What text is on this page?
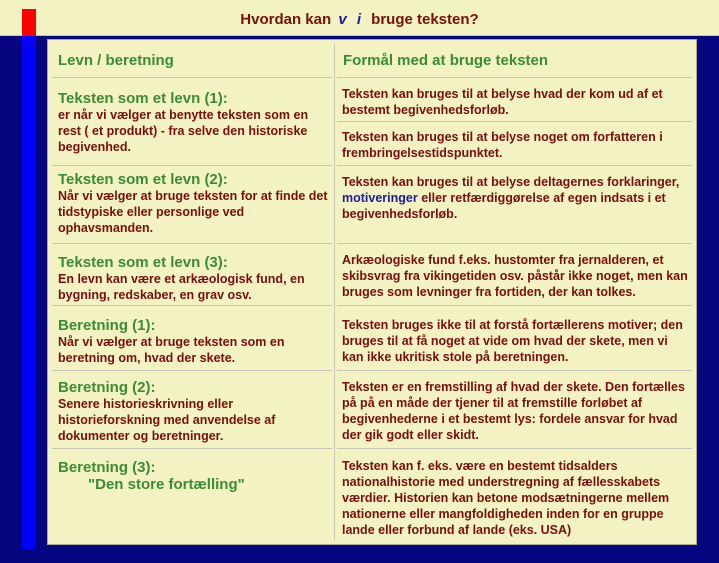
Hvordan kan v i bruge teksten?
Levn / beretning	Formål med at bruge teksten
Teksten som et levn (1):
er når vi vælger at benytte teksten som en rest ( et produkt) - fra selve den historiske begivenhed.
Teksten kan bruges til at belyse hvad der kom ud af et bestemt begivenhedsforløb.
Teksten kan bruges til at belyse noget om forfatteren i frembringelsestidspunktet.
Teksten som et levn (2):
Når vi vælger at bruge teksten for at finde det tidstypiske eller personlige ved ophavsmanden.
Teksten kan bruges til at belyse deltagernes forklaringer, motiveringer eller retfærdiggørelse af egen indsats i et begivenhedsforløb.
Teksten som et levn (3):
En levn kan være et arkæologisk fund, en bygning, redskaber, en grav osv.
Arkæologiske fund f.eks. hustomter fra jernalderen, et skibsvrag fra vikingetiden osv. påstår ikke noget, men kan bruges som levninger fra fortiden, der kan tolkes.
Beretning (1):
Når vi vælger at bruge teksten som en beretning om, hvad der skete.
Teksten bruges ikke til at forstå fortællerens motiver; den bruges til at få noget at vide om hvad der skete, men vi kan ikke ukritisk stole på beretningen.
Beretning (2):
Senere historieskrivning eller historieforskning med anvendelse af dokumenter og beretninger.
Teksten er en fremstilling af hvad der skete. Den fortælles på på en måde der tjener til at fremstille forløbet af begivenhederne i et bestemt lys: fordele ansvar for hvad der gik godt eller skidt.
Beretning (3):
"Den store fortælling"
Teksten kan f. eks. være en bestemt tidsalders nationalhistorie med understregning af fællesskabets værdier. Historien kan betone modsætningerne mellem nationerne eller mangfoldigheden inden for en gruppe lande eller forbund af lande (eks. USA)
